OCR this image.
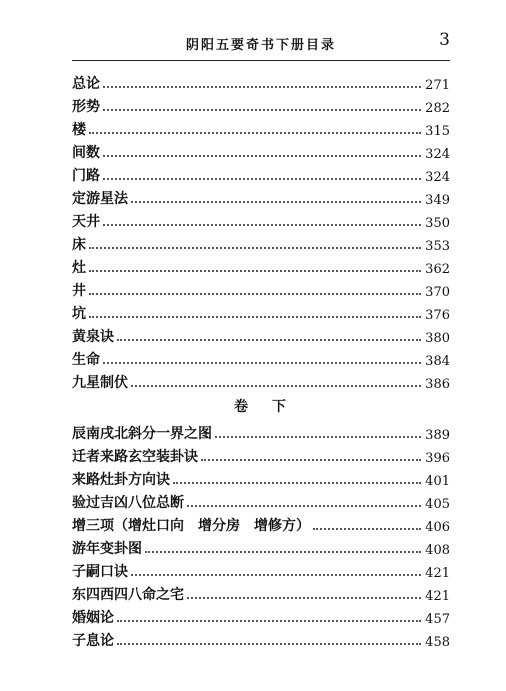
阴阳五要奇书下册目录	3
总论	271
形势	282
楼	315
间数	324
门路	324
定游星法	349
天井	350
床	353
灶	362
井	370
坑	376
黄泉诀	380
生命	384
九星制伏	386
卷下
辰南戌北斜分一界之图	389
迁者来路玄空装卦诀	396
来路灶卦方向诀	401
验过吉凶八位总断	405
增三项（增灶口向　增分房　增修方）	406
游年变卦图	408
子嗣口诀	421
东四西四八命之宅	421
婚姻论	457
子息论	458
